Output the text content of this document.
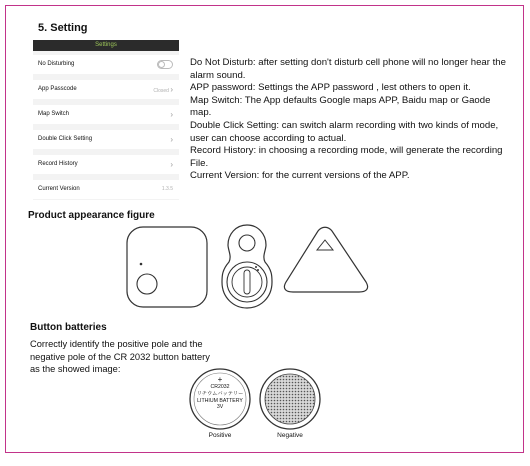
5. Setting
Settings
No Disturbing
App Passcode	Closed ›
Map Switch	›
Double Click Setting	›
Record History	›
Current Version	1.3.5

Do Not Disturb: after setting don't disturb cell phone will no longer hear the alarm sound.

APP password: Settings the APP password , lest others to open it.

Map Switch: The App defaults Google maps APP, Baidu map or Gaode map.

Double Click Setting: can switch alarm recording with two kinds of mode, user can choose according to actual.

Record History: in choosing a recording mode, will generate the recording File.

Current Version: for the current versions of the APP.

Product appearance figure
Button batteries
Correctly identify the positive pole and the negative pole of the CR 2032 button battery as the showed image:
+
CR2032
リチウムバッテリー
LITHIUM BATTERY
3V
Positive	Negative
